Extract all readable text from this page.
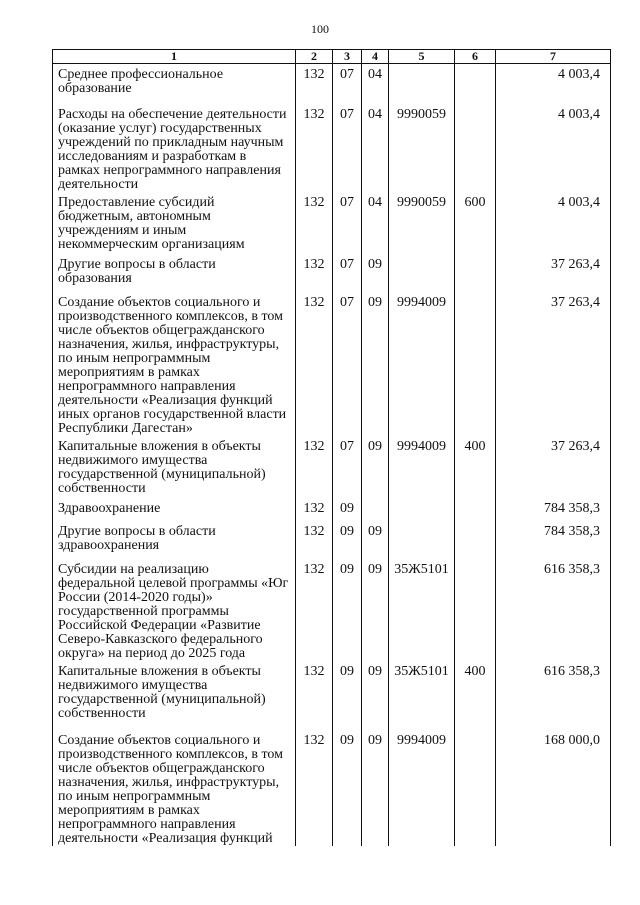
100
1	2	3	4	5	6	7
Среднее профессиональное образование	132	07	04			4 003,4
Расходы на обеспечение деятельности (оказание услуг) государственных учреждений по прикладным научным исследованиям и разработкам в рамках непрограммного направления деятельности	132	07	04	9990059		4 003,4
Предоставление субсидий бюджетным, автономным учреждениям и иным некоммерческим организациям	132	07	04	9990059	600	4 003,4
Другие вопросы в области образования	132	07	09			37 263,4
Создание объектов социального и производственного комплексов, в том числе объектов общегражданского назначения, жилья, инфраструктуры, по иным непрограммным мероприятиям в рамках непрограммного направления деятельности «Реализация функций иных органов государственной власти Республики Дагестан»	132	07	09	9994009		37 263,4
Капитальные вложения в объекты недвижимого имущества государственной (муниципальной) собственности	132	07	09	9994009	400	37 263,4
Здравоохранение	132	09				784 358,3
Другие вопросы в области здравоохранения	132	09	09			784 358,3
Субсидии на реализацию федеральной целевой программы «Юг России (2014-2020 годы)» государственной программы Российской Федерации «Развитие Северо-Кавказского федерального округа» на период до 2025 года	132	09	09	35Ж5101		616 358,3
Капитальные вложения в объекты недвижимого имущества государственной (муниципальной) собственности	132	09	09	35Ж5101	400	616 358,3
Создание объектов социального и производственного комплексов, в том числе объектов общегражданского назначения, жилья, инфраструктуры, по иным непрограммным мероприятиям в рамках непрограммного направления деятельности «Реализация функций	132	09	09	9994009		168 000,0
